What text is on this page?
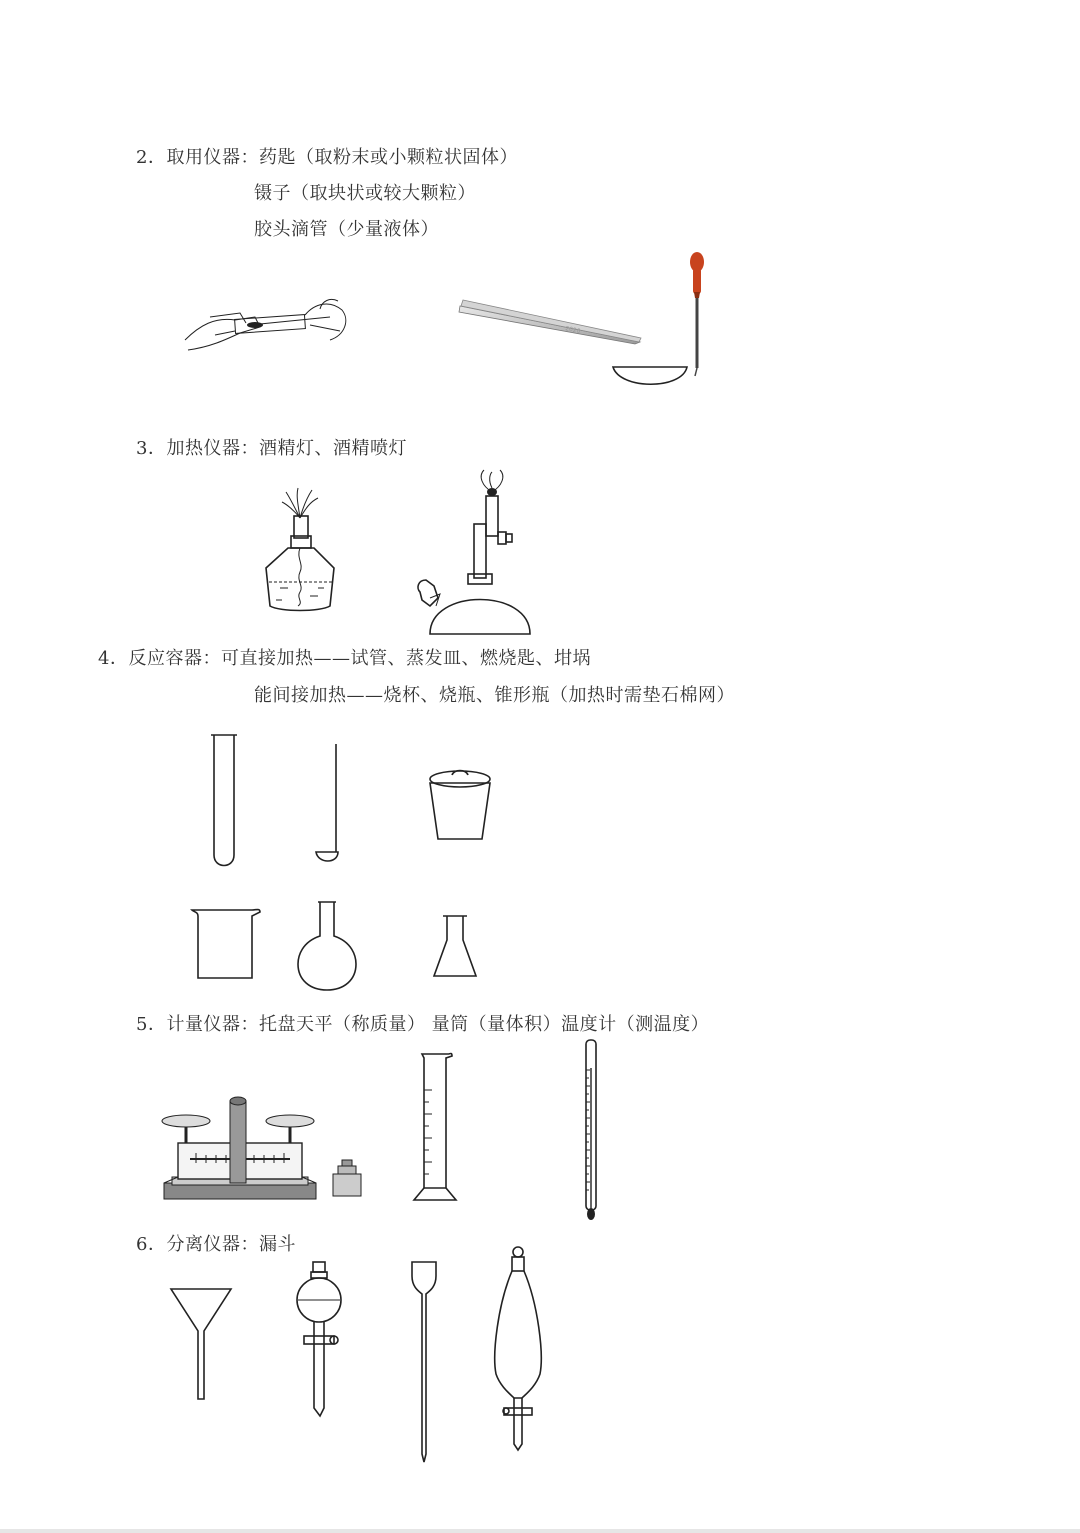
2．取用仪器：药匙（取粉末或小颗粒状固体）
镊子（取块状或较大颗粒）
胶头滴管（少量液体）
2020
3．加热仪器：酒精灯、酒精喷灯
4．反应容器：可直接加热——试管、蒸发皿、燃烧匙、坩埚
能间接加热——烧杯、烧瓶、锥形瓶（加热时需垫石棉网）
5．计量仪器：托盘天平（称质量） 量筒（量体积）温度计（测温度）
6．分离仪器：漏斗
